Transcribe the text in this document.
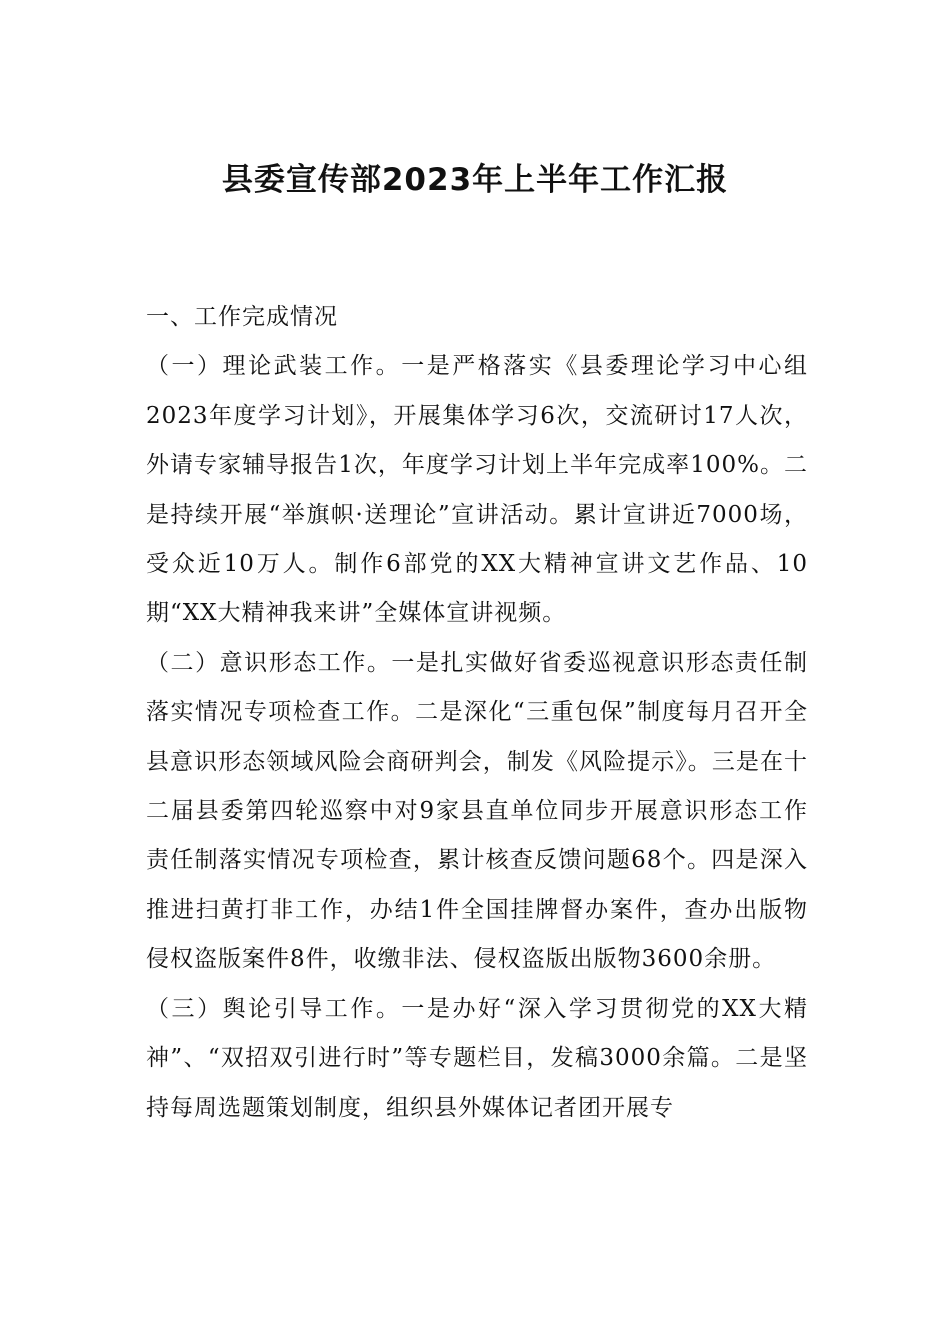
县委宣传部2023年上半年工作汇报

一、工作完成情况

（一）理论武装工作。一是严格落实《县委理论学习中心组2023年度学习计划》，开展集体学习6次，交流研讨17人次，外请专家辅导报告1次，年度学习计划上半年完成率100%。二是持续开展“举旗帜·送理论”宣讲活动。累计宣讲近7000场，受众近10万人。制作6部党的XX大精神宣讲文艺作品、10期“XX大精神我来讲”全媒体宣讲视频。

（二）意识形态工作。一是扎实做好省委巡视意识形态责任制落实情况专项检查工作。二是深化“三重包保”制度每月召开全县意识形态领域风险会商研判会，制发《风险提示》。三是在十二届县委第四轮巡察中对9家县直单位同步开展意识形态工作责任制落实情况专项检查，累计核查反馈问题68个。四是深入推进扫黄打非工作，办结1件全国挂牌督办案件，查办出版物侵权盗版案件8件，收缴非法、侵权盗版出版物3600余册。

（三）舆论引导工作。一是办好“深入学习贯彻党的XX大精神”、“双招双引进行时”等专题栏目，发稿3000余篇。二是坚持每周选题策划制度，组织县外媒体记者团开展专
